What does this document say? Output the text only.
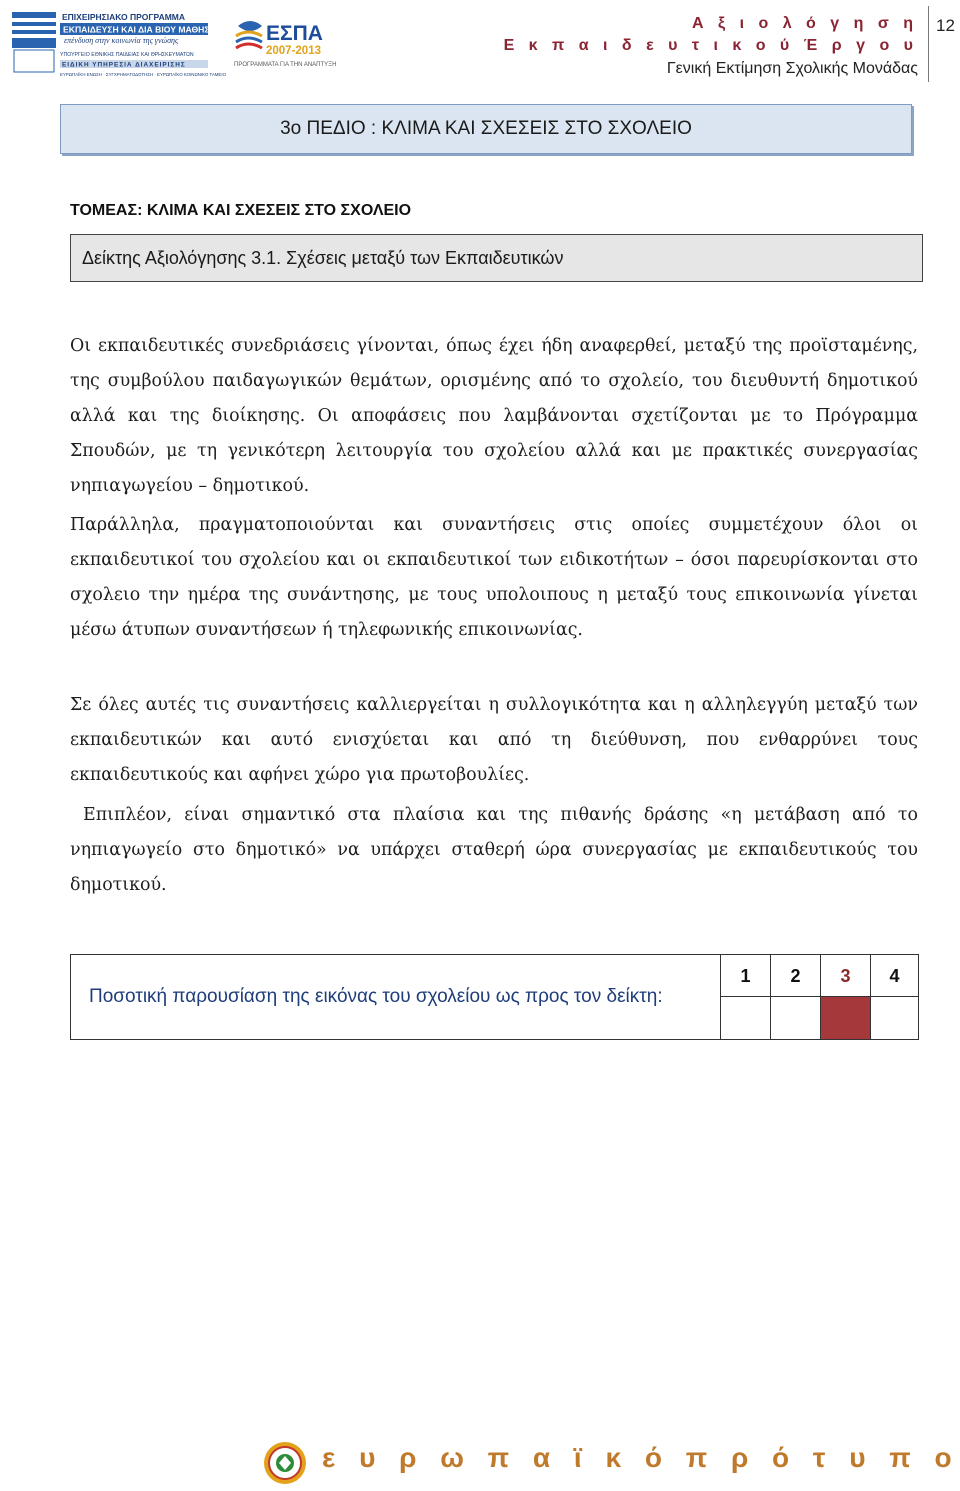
ΕΠΙΧΕΙΡΗΣΙΑΚΟ ΠΡΟΓΡΑΜΜΑ
ΕΚΠΑΙΔΕΥΣΗ ΚΑΙ ΔΙΑ ΒΙΟΥ ΜΑΘΗΣΗ
επένδυση στην κοινωνία της γνώσης
ΥΠΟΥΡΓΕΙΟ ΕΘΝΙΚΗΣ ΠΑΙΔΕΙΑΣ ΚΑΙ ΘΡΗΣΚΕΥΜΑΤΩΝ
ΕΙΔΙΚΗ ΥΠΗΡΕΣΙΑ ΔΙΑΧΕΙΡΙΣΗΣ
ΕΥΡΩΠΑΪΚΗ ΕΝΩΣΗ · ΣΥΓΧΡΗΜΑΤΟΔΟΤΗΣΗ · ΕΥΡΩΠΑΪΚΟ ΚΟΙΝΩΝΙΚΟ ΤΑΜΕΙΟ
ΕΣΠΑ
2007-2013
ΠΡΟΓΡΑΜΜΑΤΑ ΓΙΑ ΤΗΝ ΑΝΑΠΤΥΞΗ
Α ξ ι ο λ ό γ η σ η
Ε κ π α ι δ ε υ τ ι κ ο ύ Έ ρ γ ο υ
Γενική Εκτίμηση Σχολικής Μονάδας
12
3ο ΠΕΔΙΟ : ΚΛΙΜΑ ΚΑΙ ΣΧΕΣΕΙΣ ΣΤΟ ΣΧΟΛΕΙΟ
ΤΟΜΕΑΣ: ΚΛΙΜΑ ΚΑΙ ΣΧΕΣΕΙΣ ΣΤΟ ΣΧΟΛΕΙΟ
Δείκτης Αξιολόγησης 3.1. Σχέσεις μεταξύ των Εκπαιδευτικών

Οι εκπαιδευτικές συνεδριάσεις γίνονται, όπως έχει ήδη αναφερθεί, μεταξύ της προϊσταμένης, της συμβούλου παιδαγωγικών θεμάτων, ορισμένης από το σχολείο, του διευθυντή δημοτικού αλλά και της διοίκησης. Οι αποφάσεις που λαμβάνονται σχετίζονται με το Πρόγραμμα Σπουδών, με τη γενικότερη λειτουργία του σχολείου αλλά και με πρακτικές συνεργασίας νηπιαγωγείου – δημοτικού.

Παράλληλα, πραγματοποιούνται και συναντήσεις στις οποίες συμμετέχουν όλοι οι εκπαιδευτικοί του σχολείου και οι εκπαιδευτικοί των ειδικοτήτων – όσοι παρευρίσκονται στο σχολειο την ημέρα της συνάντησης, με τους υπολοιπους η μεταξύ τους επικοινωνία γίνεται μέσω άτυπων συναντήσεων ή τηλεφωνικής επικοινωνίας.

Σε όλες αυτές τις συναντήσεις καλλιεργείται η συλλογικότητα και η αλληλεγγύη μεταξύ των εκπαιδευτικών και αυτό ενισχύεται και από τη διεύθυνση, που ενθαρρύνει τους εκπαιδευτικούς και αφήνει χώρο για πρωτοβουλίες.

Επιπλέον, είναι σημαντικό στα πλαίσια και της πιθανής δράσης «η μετάβαση από το νηπιαγωγείο στο δημοτικό» να υπάρχει σταθερή ώρα συνεργασίας με εκπαιδευτικούς του δημοτικού.

Ποσοτική παρουσίαση της εικόνας του σχολείου ως προς τον δείκτη:
1	2	3	4
ε υ ρ ω π α ϊ κ ό π ρ ό τ υ π ο
